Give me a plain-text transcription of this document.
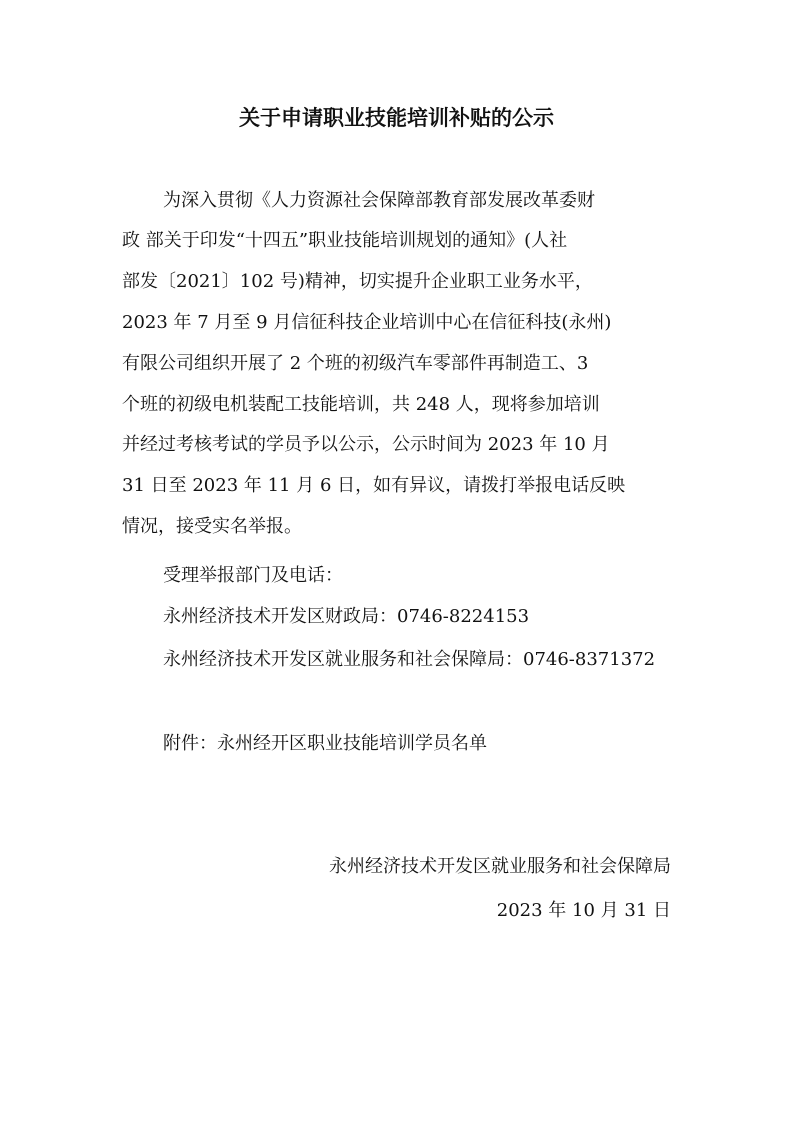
关于申请职业技能培训补贴的公示

为深入贯彻《人力资源社会保障部教育部发展改革委财

政 部关于印发“十四五”职业技能培训规划的通知》(人社

部发〔2021〕102 号)精神，切实提升企业职工业务水平，

2023 年 7 月至 9 月信征科技企业培训中心在信征科技(永州)

有限公司组织开展了 2 个班的初级汽车零部件再制造工、3

个班的初级电机装配工技能培训，共 248 人，现将参加培训

并经过考核考试的学员予以公示，公示时间为 2023 年 10 月

31 日至 2023 年 11 月 6 日，如有异议，请拨打举报电话反映

情况，接受实名举报。

受理举报部门及电话：

永州经济技术开发区财政局：0746-8224153

永州经济技术开发区就业服务和社会保障局：0746-8371372

附件：永州经开区职业技能培训学员名单

永州经济技术开发区就业服务和社会保障局

2023 年 10 月 31 日
